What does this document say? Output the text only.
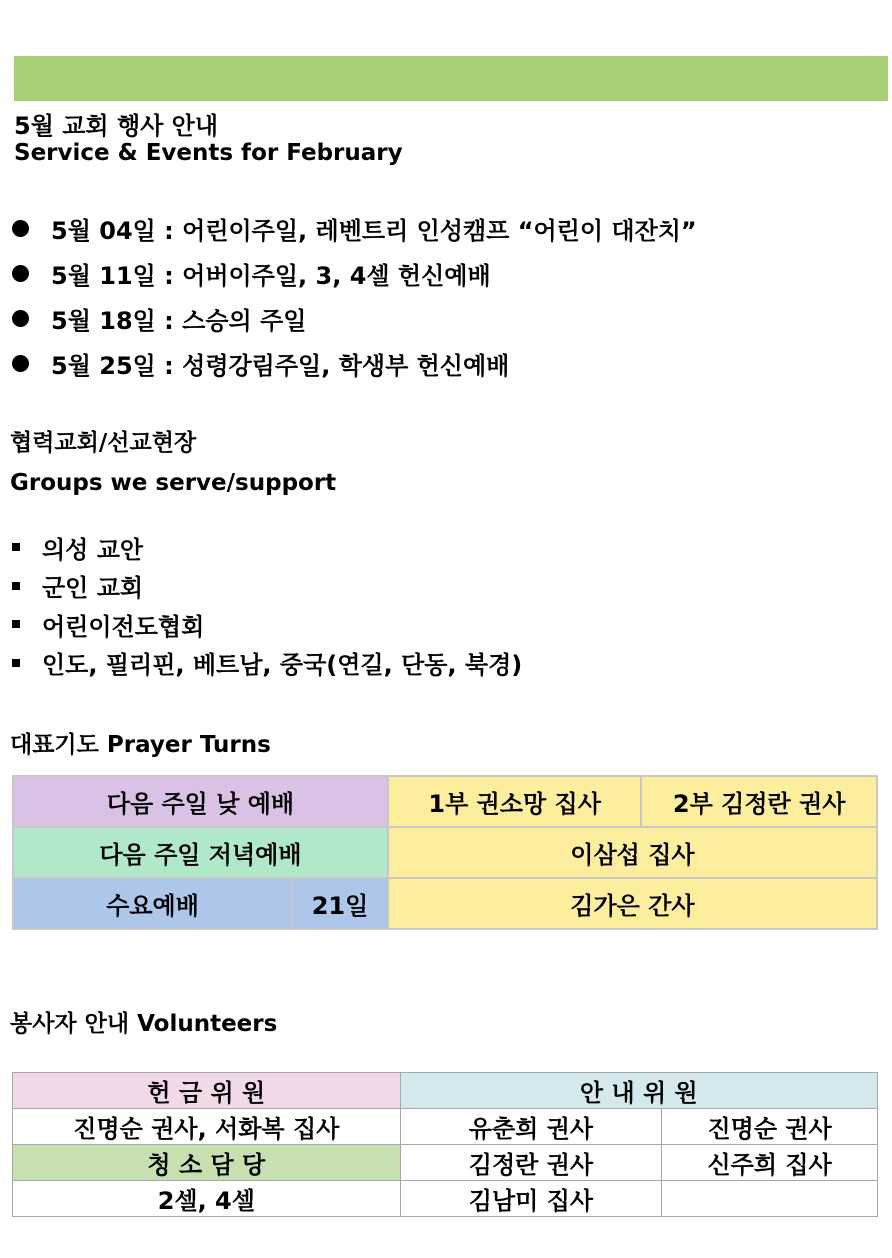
5월 교회 행사 안내
Service & Events for February
5월 04일 : 어린이주일, 레벤트리 인성캠프 “어린이 대잔치”
5월 11일 : 어버이주일, 3, 4셀 헌신예배
5월 18일 : 스승의 주일
5월 25일 : 성령강림주일, 학생부 헌신예배
협력교회/선교현장
Groups we serve/support
의성 교안
군인 교회
어린이전도협회
인도, 필리핀, 베트남, 중국(연길, 단동, 북경)
대표기도 Prayer Turns
다음 주일 낮 예배		1부 권소망 집사	2부 김정란 권사
다음 주일 저녁예배		이삼섭 집사	
수요예배	21일	김가은 간사	
봉사자 안내 Volunteers
헌 금 위 원	안 내 위 원	
진명순 권사, 서화복 집사	유춘희 권사	진명순 권사
청 소 담 당	김정란 권사	신주희 집사
2셀, 4셀	김남미 집사	
